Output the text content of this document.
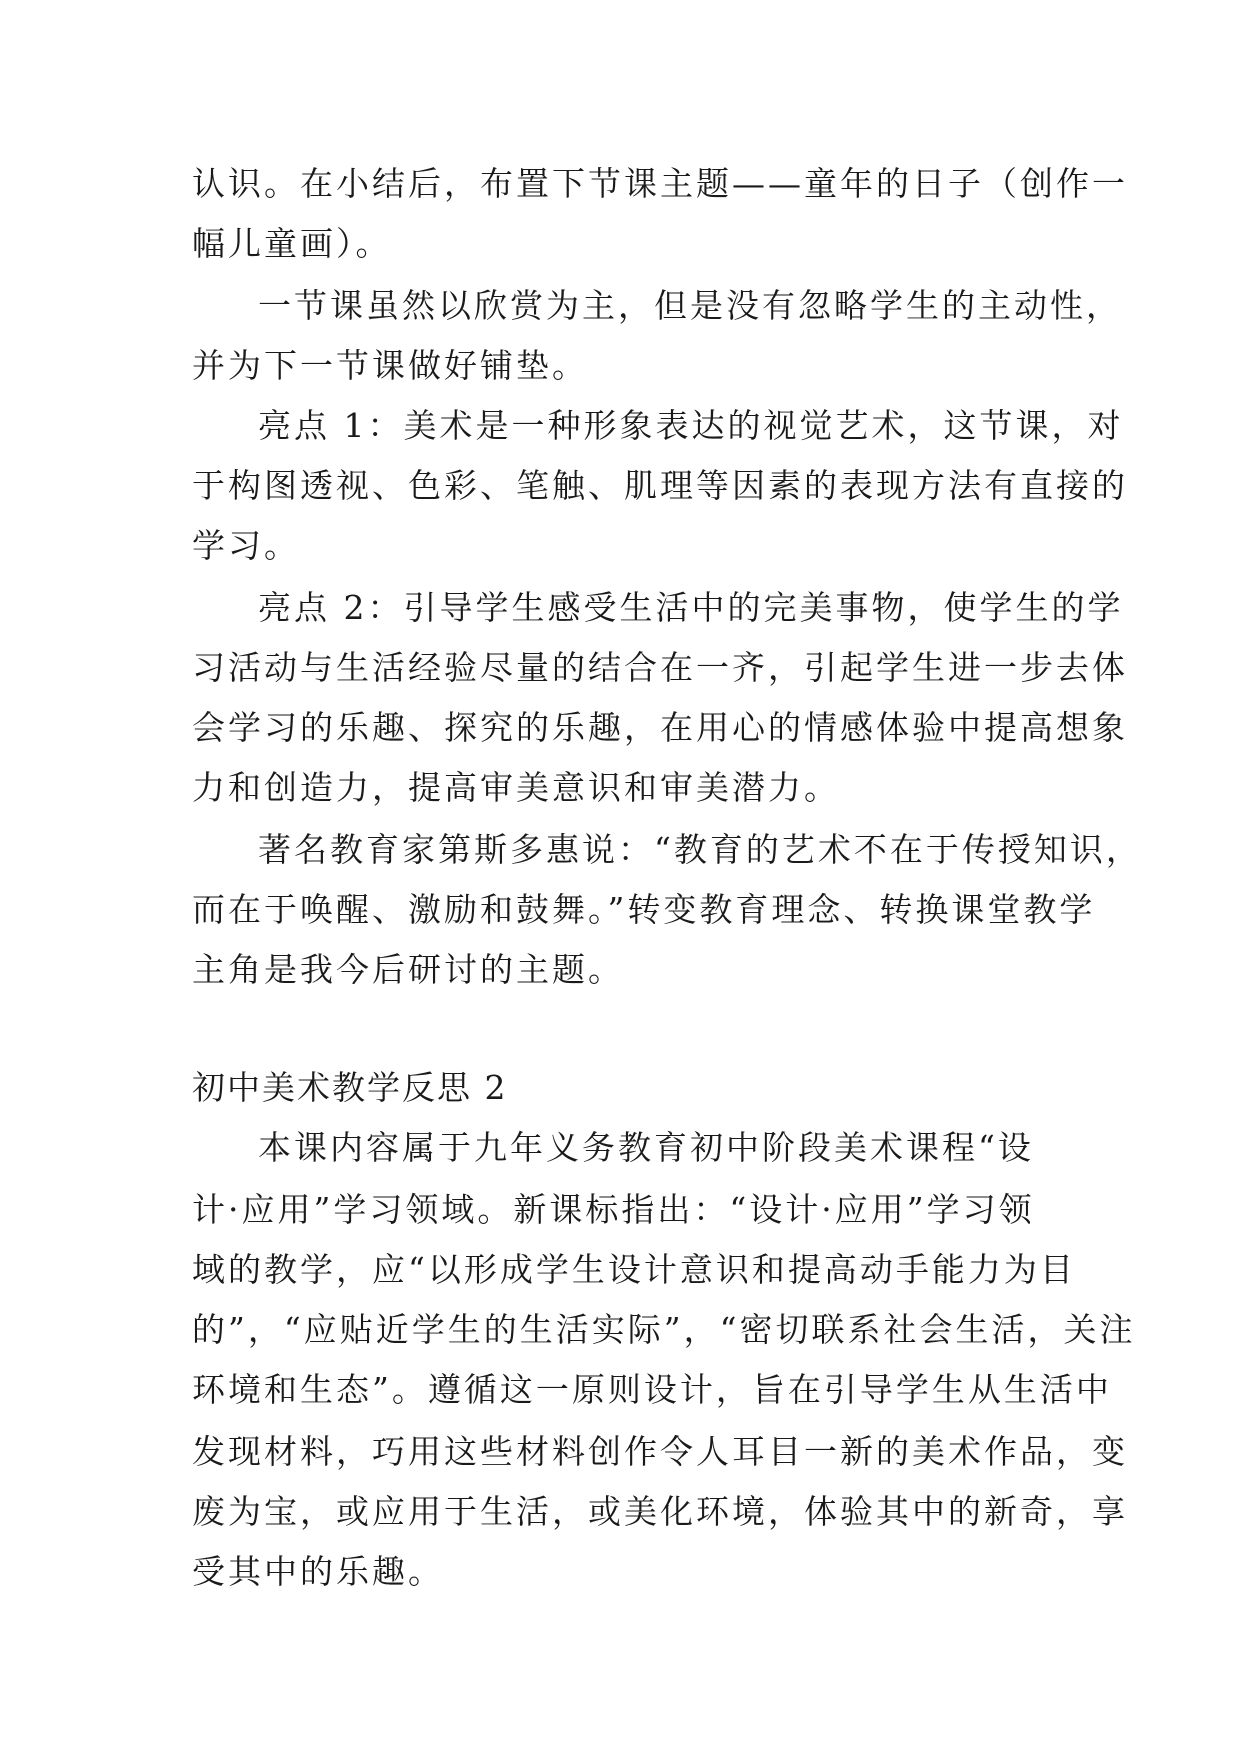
认识。在小结后，布置下节课主题——童年的日子（创作一
幅儿童画）。
一节课虽然以欣赏为主，但是没有忽略学生的主动性，
并为下一节课做好铺垫。
亮点 1：美术是一种形象表达的视觉艺术，这节课，对
于构图透视、色彩、笔触、肌理等因素的表现方法有直接的
学习。
亮点 2：引导学生感受生活中的完美事物，使学生的学
习活动与生活经验尽量的结合在一齐，引起学生进一步去体
会学习的乐趣、探究的乐趣，在用心的情感体验中提高想象
力和创造力，提高审美意识和审美潜力。
著名教育家第斯多惠说：“教育的艺术不在于传授知识，
而在于唤醒、激励和鼓舞。”转变教育理念、转换课堂教学
主角是我今后研讨的主题。
初中美术教学反思 2
本课内容属于九年义务教育初中阶段美术课程“设
计·应用”学习领域。新课标指出：“设计·应用”学习领
域的教学，应“以形成学生设计意识和提高动手能力为目
的”，“应贴近学生的生活实际”，“密切联系社会生活，关注
环境和生态”。遵循这一原则设计，旨在引导学生从生活中
发现材料，巧用这些材料创作令人耳目一新的美术作品，变
废为宝，或应用于生活，或美化环境，体验其中的新奇，享
受其中的乐趣。
